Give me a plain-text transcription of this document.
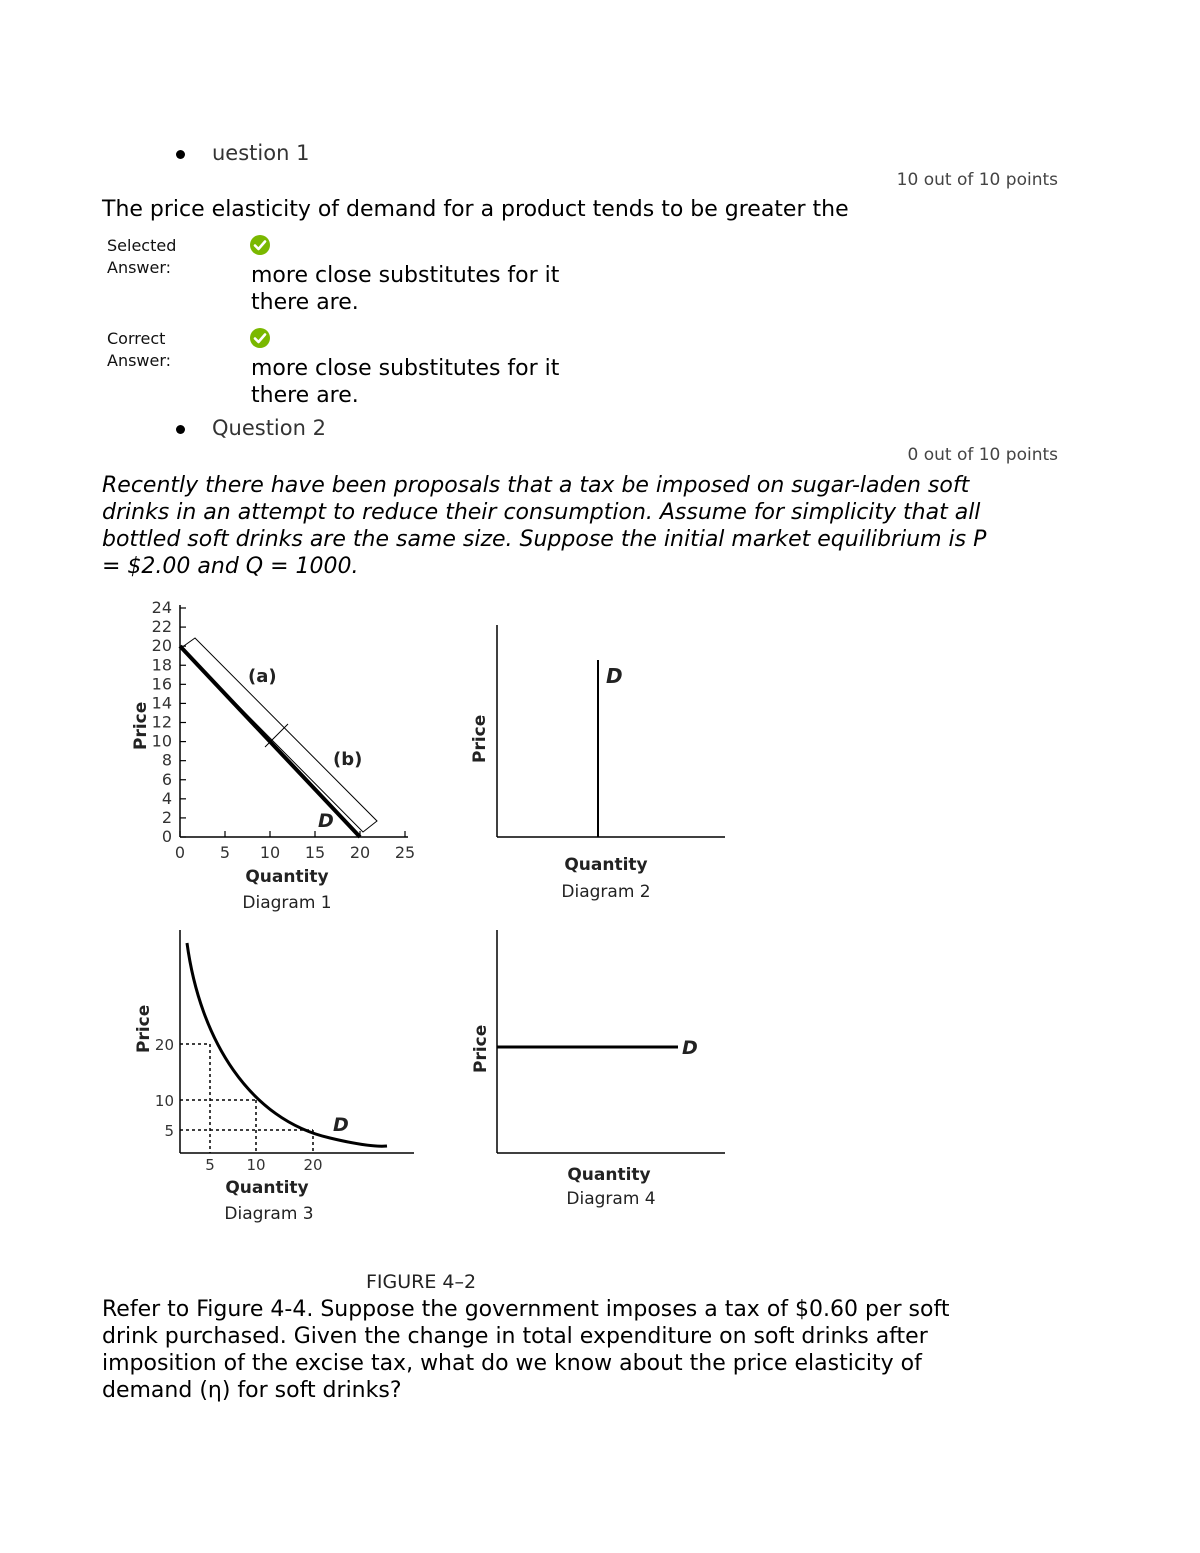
uestion 1
10 out of 10 points
The price elasticity of demand for a product tends to be greater the
Selected Answer:	more close substitutes for it there are.
Correct Answer:	more close substitutes for it there are.
Question 2
0 out of 10 points
Recently there have been proposals that a tax be imposed on sugar-laden soft drinks in an attempt to reduce their consumption. Assume for simplicity that all bottled soft drinks are the same size. Suppose the initial market equilibrium is P = $2.00 and Q = 1000.
0
2
4
6
8
10
12
14
16
18
20
22
24
0 5 10 15 20 25
(a)
(b)
D
Price
Quantity
Diagram 1
D
Price
Quantity
Diagram 2
20
10
5
5 10	20
D
Price
Quantity
Diagram 3
D
Price
Quantity
Diagram 4
FIGURE 4–2
Refer to Figure 4-4. Suppose the government imposes a tax of $0.60 per soft drink purchased. Given the change in total expenditure on soft drinks after imposition of the excise tax, what do we know about the price elasticity of demand (η) for soft drinks?
